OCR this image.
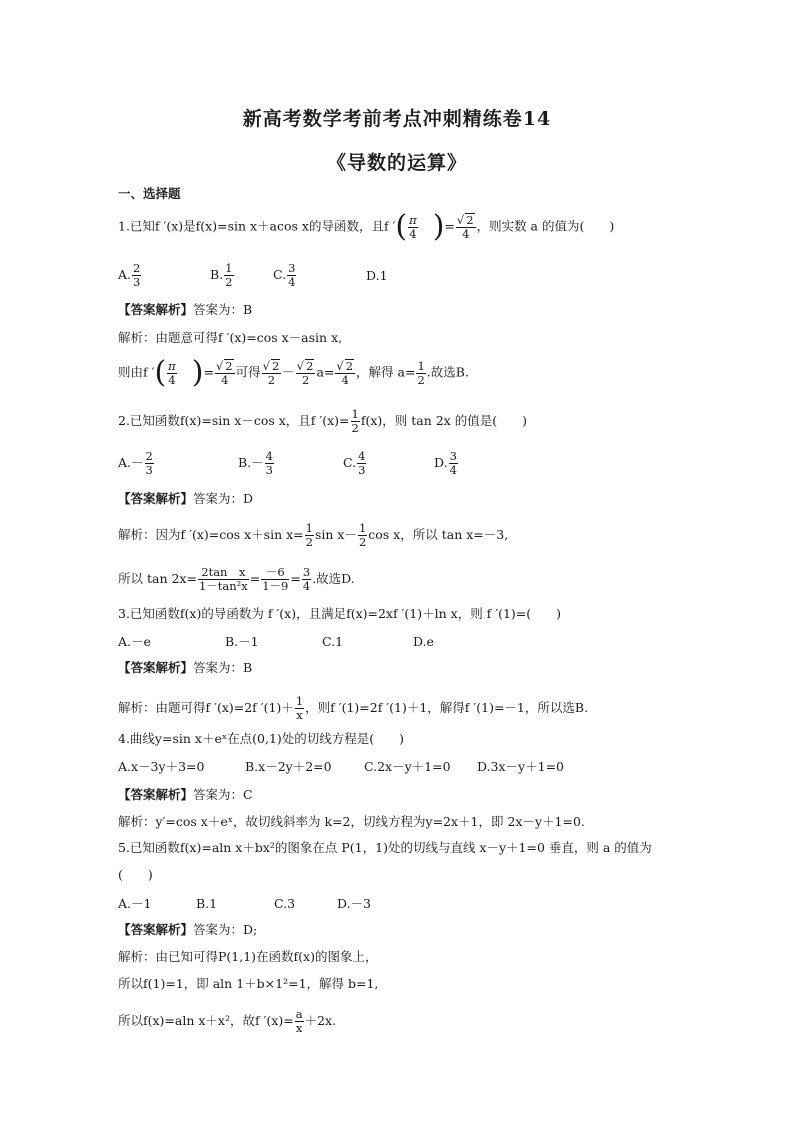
新高考数学考前考点冲刺精练卷14
《导数的运算》
一、选择题
1.已知f ′(x)是f(x)=sin x＋acos x的导函数，且f ′( $\frac{\pi}{4}$ )= $\frac{√ 2}{4}$ ，则实数 a 的值为(　　)
A. $\frac{2}{3}$	B. $\frac{1}{2}$	C. $\frac{3}{4}$	D.1
【答案解析】答案为：B
解析：由题意可得f ′(x)=cos x－asin x,
则由f ′( $\frac{\pi}{4}$ )= $\frac{√ 2}{4}$ 可得 $\frac{√ 2}{2} - \frac{√ 2}{2} a= \frac{√ 2}{4}$ ，解得 $a= \frac{1}{2}$ .故选B.
2.已知函数f(x)=sin x－cos x，且f $'(x)= \frac{1}{2} f(x)$，则 tan 2x 的值是(　　)
$A.- \frac{2}{3}$	$B.- \frac{4}{3}$	C. $\frac{4}{3}$	D. $\frac{3}{4}$
【答案解析】答案为：D
解析：因为f ′(x)=cos x＋sin $x= \frac{1}{2}$ $\sin x- \frac{1}{2}$ cos x，所以 tan x=－3,
所以 $\tan 2x= \frac{\text{2tan　x}}{\text{1－tan²x}} = \frac{-6}{1-9} = \frac{3}{4}$ .故选D.
3.已知函数f(x)的导函数为 f ′(x)，且满足f(x)=2xf ′(1)＋ln x，则 f ′(1)=(　　)
A.－e	B.－1	C.1	D.e
【答案解析】答案为：B
解析：由题可得f ′(x)=2f $'(1)+ \frac{1}{x}$ ，则f ′(1)=2f ′(1)＋1，解得f ′(1)=－1，所以选B.
4.曲线y=sin x＋eˣ在点(0,1)处的切线方程是(　　)
A.x－3y＋3=0	B.x－2y＋2=0	C.2x－y＋1=0 D.3x－y＋1=0
【答案解析】答案为：C
解析：y′=cos x＋eˣ，故切线斜率为 k=2，切线方程为y=2x＋1，即 2x－y＋1=0.
5.已知函数f(x)=aln x＋bx²的图象在点 P(1，1)处的切线与直线 x－y＋1=0 垂直，则 a 的值为
(　　)
A.－1	B.1	C.3	D.－3
【答案解析】答案为：D;
解析：由已知可得P(1,1)在函数f(x)的图象上，
所以f(1)=1，即 aln 1＋b×1²=1，解得 b=1,
所以f(x)=aln x＋x²，故f $'(x)= \frac{a}{x} +2x$.
